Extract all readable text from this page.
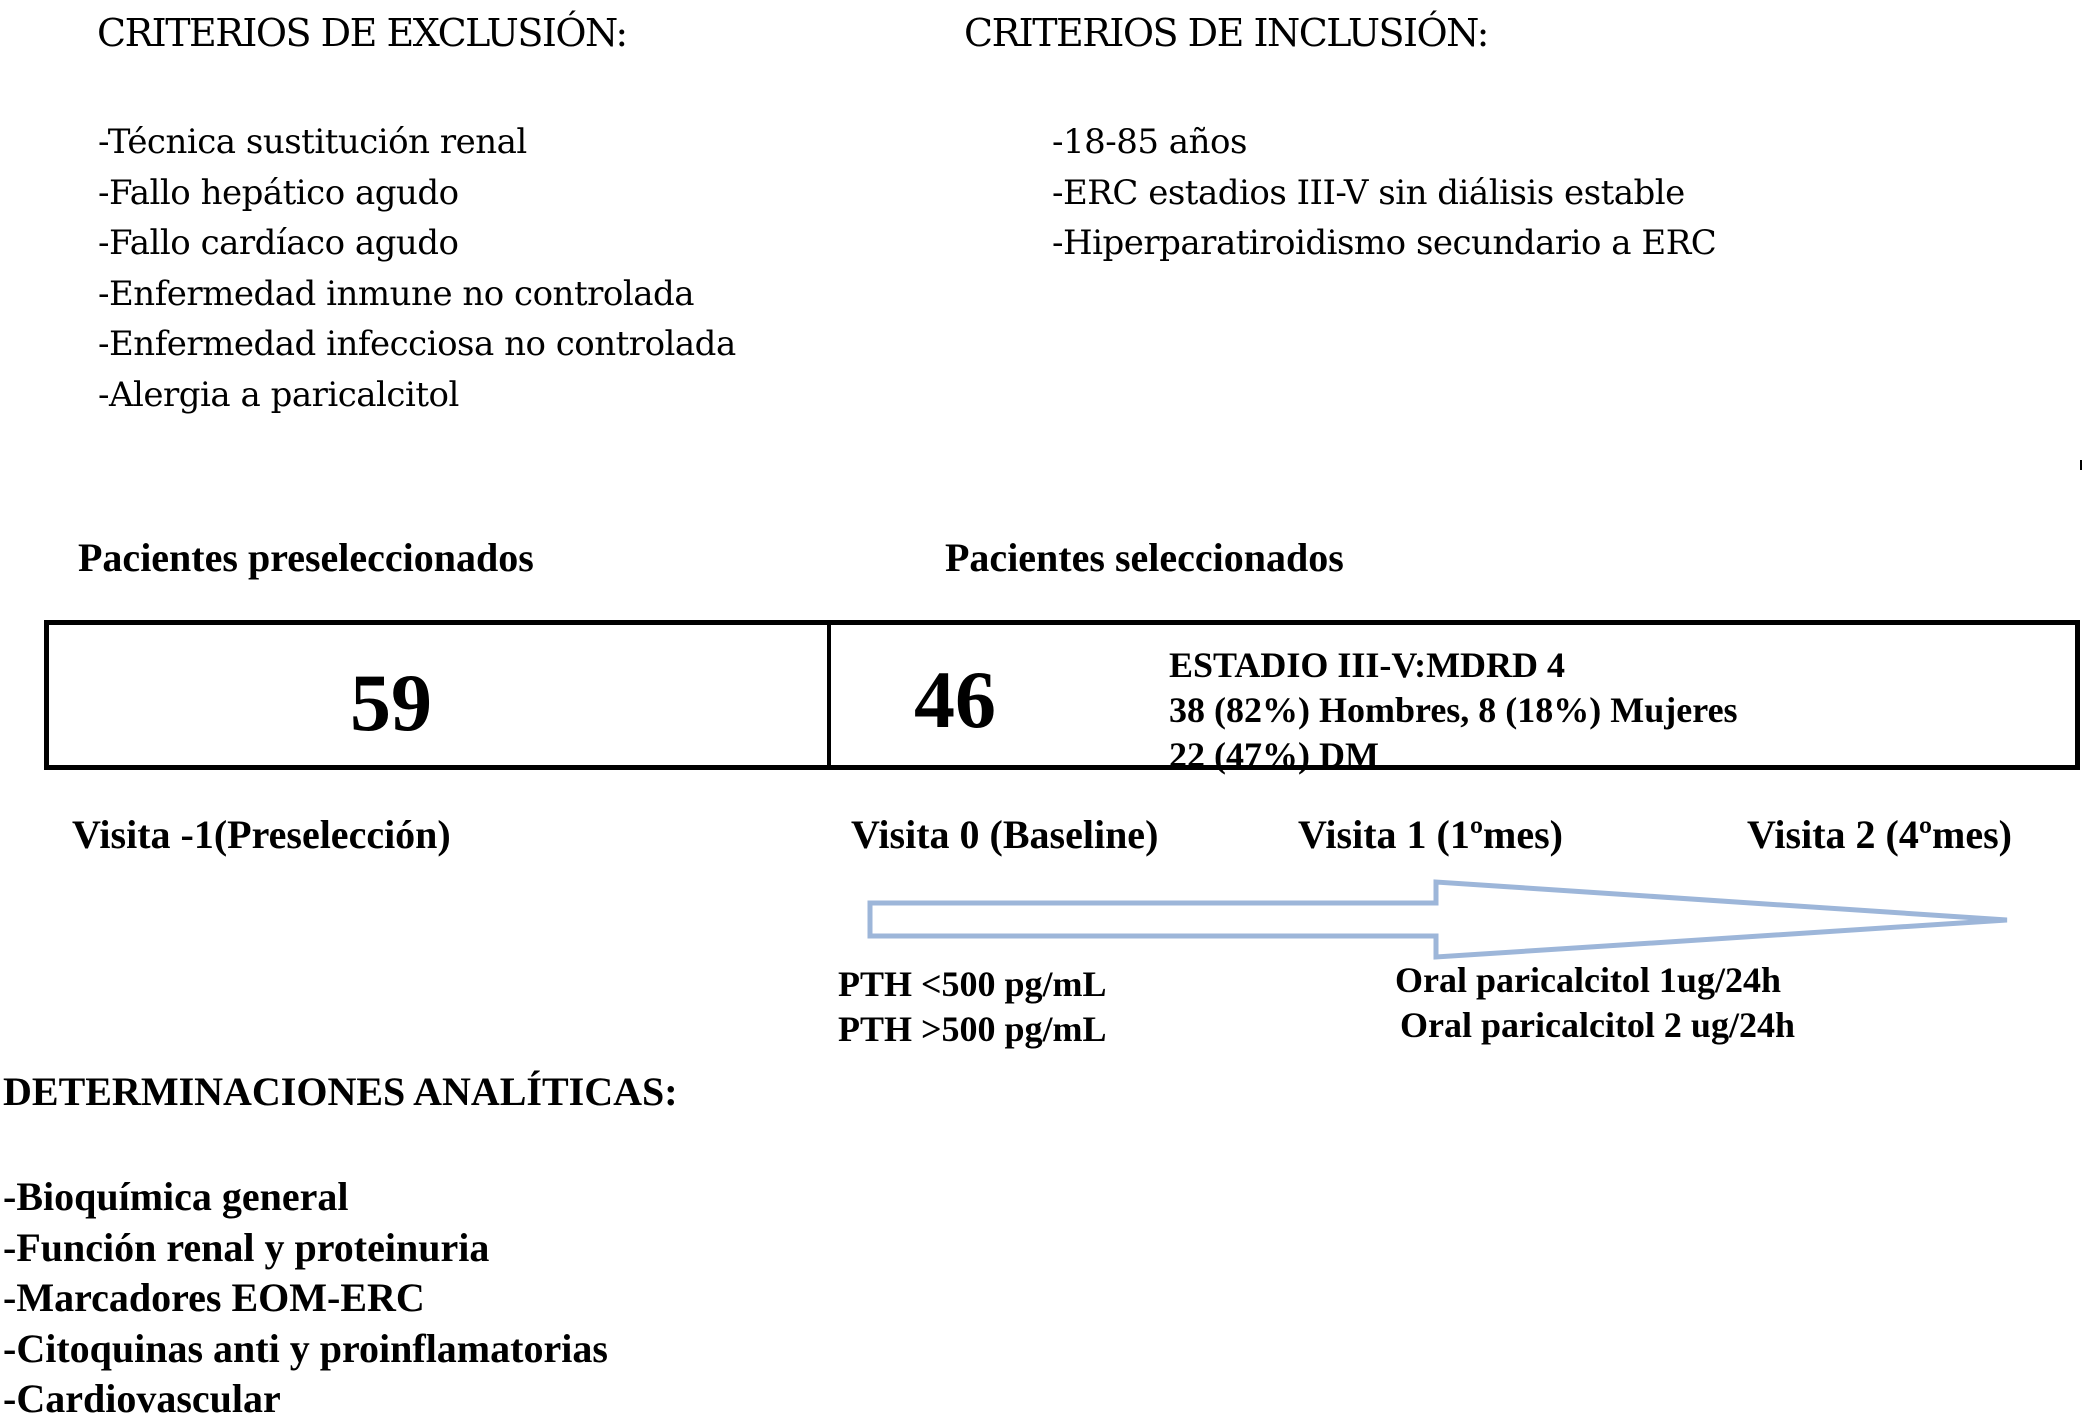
CRITERIOS DE EXCLUSIÓN:
-Técnica sustitución renal
-Fallo hepático agudo
-Fallo cardíaco agudo
-Enfermedad inmune no controlada
-Enfermedad infecciosa no controlada
-Alergia a paricalcitol
CRITERIOS DE INCLUSIÓN:
-18-85 años
-ERC estadios III-V sin diálisis estable
-Hiperparatiroidismo secundario a ERC
Pacientes preseleccionados	Pacientes seleccionados
59	46	ESTADIO III-V:MDRD 4
38 (82%) Hombres, 8 (18%) Mujeres
22 (47%) DM
Visita -1(Preselección)	Visita 0 (Baseline)	Visita 1 (1ºmes)	Visita 2 (4ºmes)
PTH <500 pg/mL
PTH >500 pg/mL
Oral paricalcitol 1ug/24h
Oral paricalcitol 2 ug/24h
DETERMINACIONES ANALÍTICAS:
-Bioquímica general
-Función renal y proteinuria
-Marcadores EOM-ERC
-Citoquinas anti y proinflamatorias
-Cardiovascular
